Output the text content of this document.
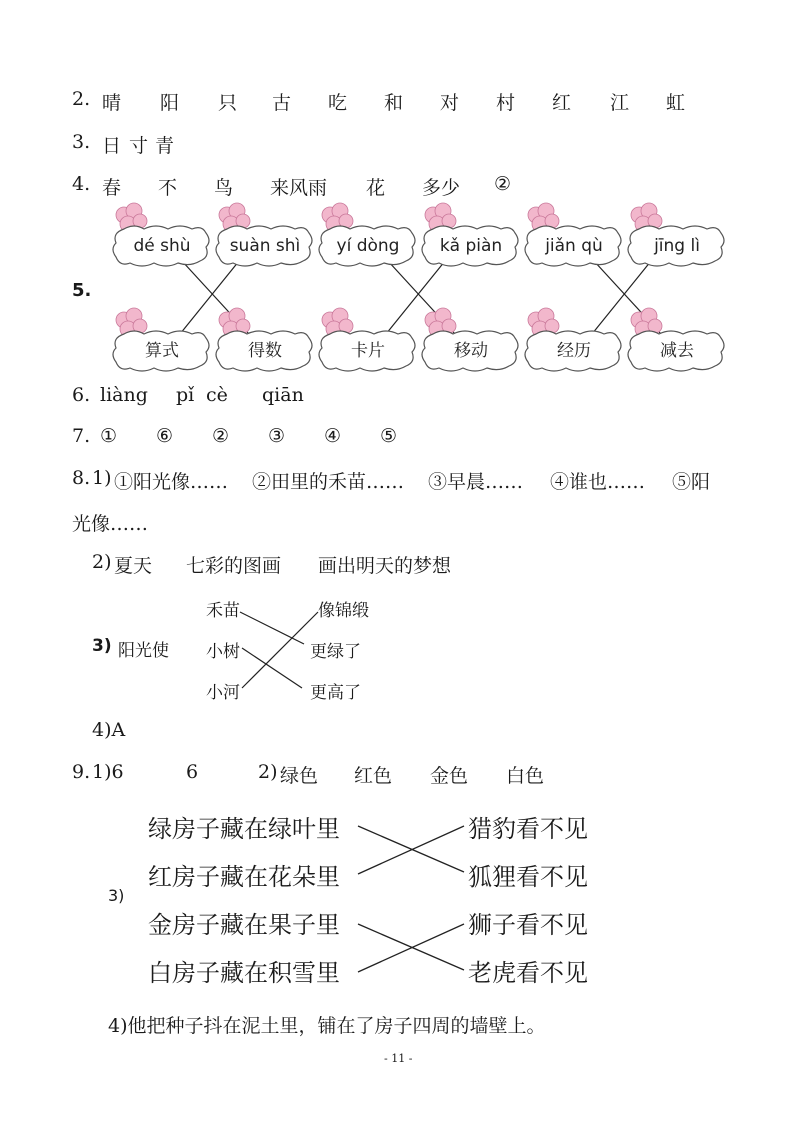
2. 晴 阳 只 古 吃 和 对 村 红 江 虹
3. 日 寸 青
4. 春 不 鸟 来风雨 花 多少 ②
5.
dé shù suàn shì yí dòng kǎ piàn	jiǎn qù	jīng lì
算式	得数	卡片	移动	经历	减去
6. liàng pǐ cè qiān
7. ① ⑥ ② ③ ④ ⑤
8. 1) ①阳光像…… ②田里的禾苗…… ③早晨…… ④谁也…… ⑤阳
光像……
2) 夏天 七彩的图画 画出明天的梦想
3) 阳光使
禾苗
小树
小河
像锦缎
更绿了
更高了
4)A
9. 1)6	6	2) 绿色 红色 金色 白色
3)
绿房子藏在绿叶里
红房子藏在花朵里
金房子藏在果子里
白房子藏在积雪里
猎豹看不见
狐狸看不见
狮子看不见
老虎看不见
4)他把种子抖在泥土里，铺在了房子四周的墙壁上。
- 11 -
